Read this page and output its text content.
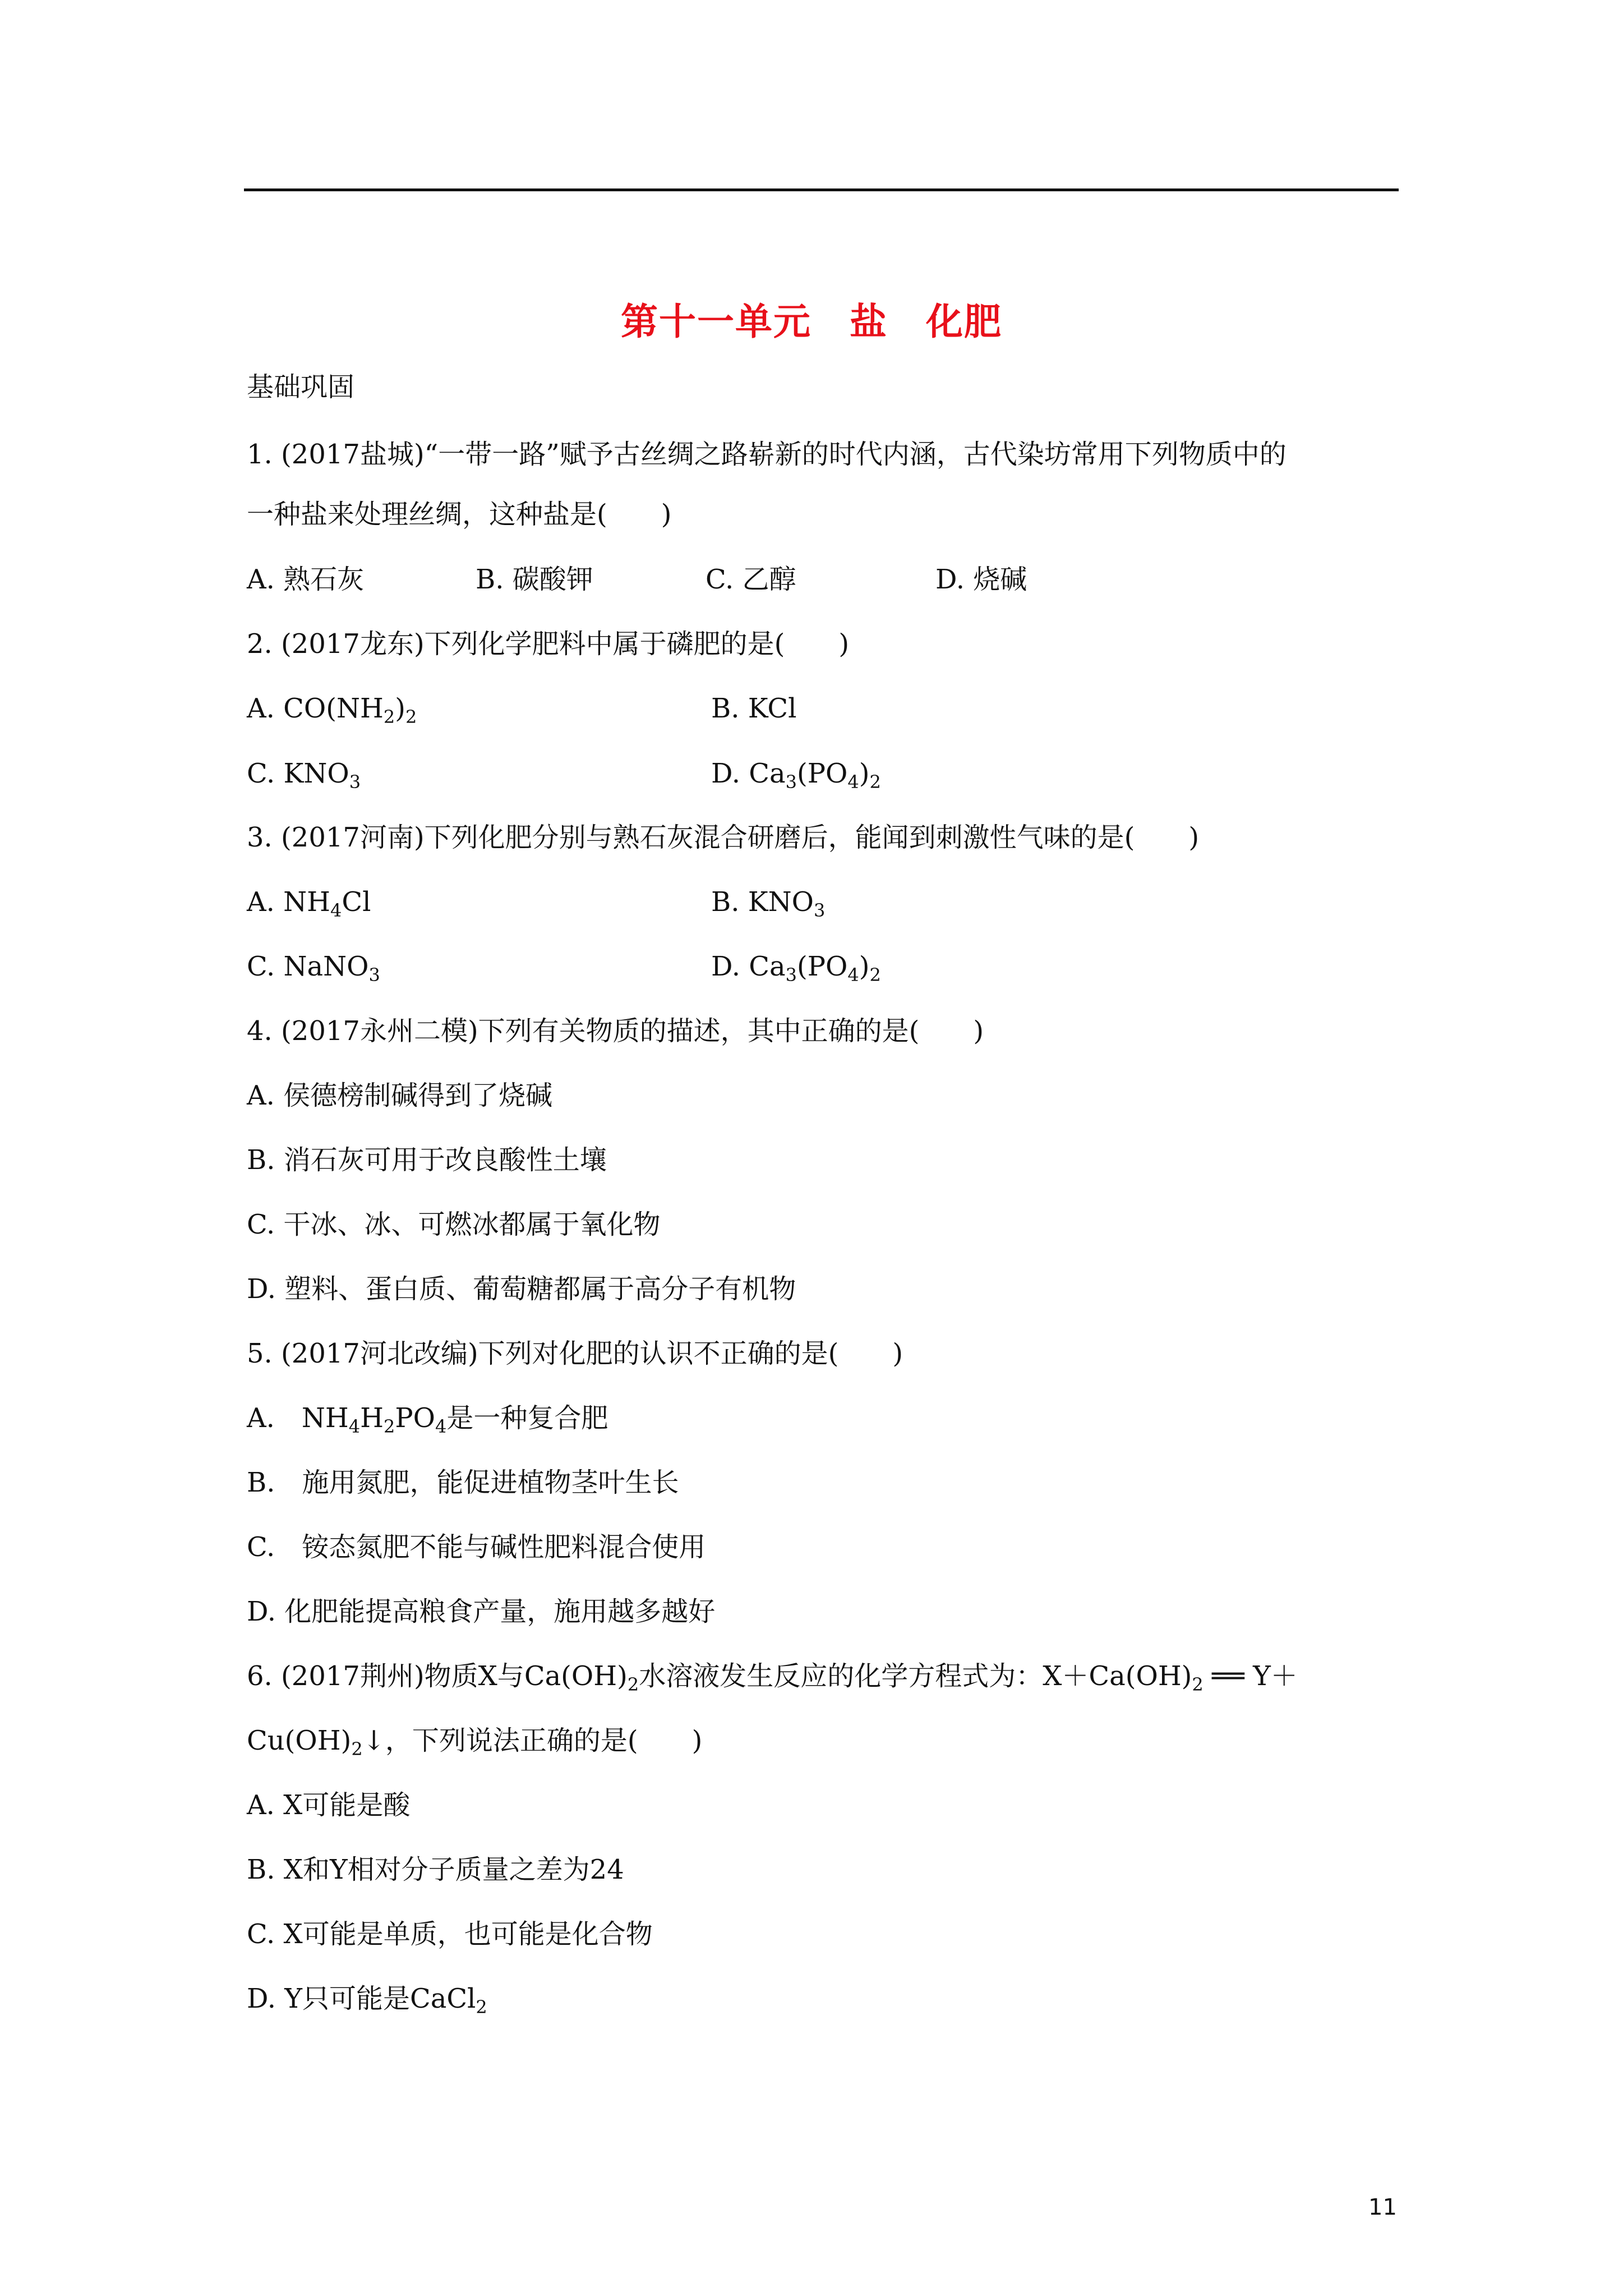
第十一单元　盐　化肥
基础巩固
1. (2017盐城)“一带一路”赋予古丝绸之路崭新的时代内涵，古代染坊常用下列物质中的
一种盐来处理丝绸，这种盐是(　　)
A. 熟石灰	B. 碳酸钾	C. 乙醇	D. 烧碱
2. (2017龙东)下列化学肥料中属于磷肥的是(　　)
A. $CO(NH_2)_2$	B. KCl
C. $KNO_3$	D. $Ca_3(PO_4)_2$
3. (2017河南)下列化肥分别与熟石灰混合研磨后，能闻到刺激性气味的是(　　)
A. $NH_4Cl$	B. $KNO_3$
C. NaNO$_3$	D. $Ca_3(PO_4)_2$
4. (2017永州二模)下列有关物质的描述，其中正确的是(　　)
A. 侯德榜制碱得到了烧碱
B. 消石灰可用于改良酸性土壤
C. 干冰、冰、可燃冰都属于氧化物
D. 塑料、蛋白质、葡萄糖都属于高分子有机物
5. (2017河北改编)下列对化肥的认识不正确的是(　　)
A.　$NH_4H_2PO_4$是一种复合肥
B.　施用氮肥，能促进植物茎叶生长
C.　铵态氮肥不能与碱性肥料混合使用
D. 化肥能提高粮食产量，施用越多越好
6. (2017荆州)物质X与$Ca(OH)_2$水溶液发生反应的化学方程式为：$X+Ca(OH)_2$ ══ Y＋
$Cu(OH)_2↓$，下列说法正确的是(　　)
A. X可能是酸
B. X和Y相对分子质量之差为24
C. X可能是单质，也可能是化合物
D. Y只可能是CaCl$_2$
11
